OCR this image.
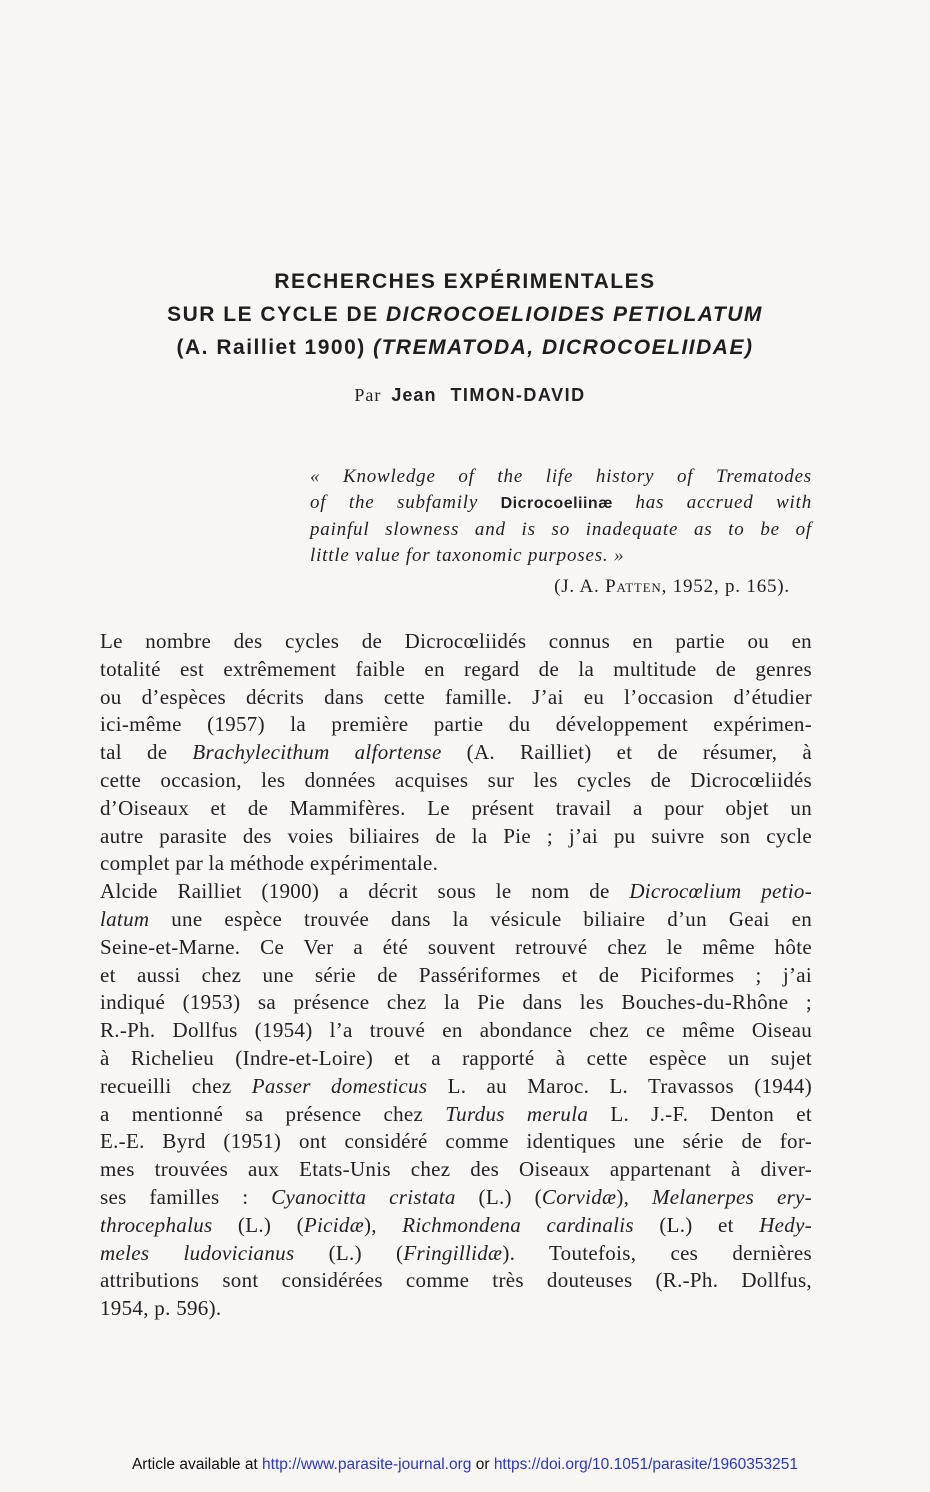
RECHERCHES EXPÉRIMENTALES
SUR LE CYCLE DE DICROCOELIOIDES PETIOLATUM
(A. Railliet 1900) (TREMATODA, DICROCOELIIDAE)
Par Jean TIMON-DAVID
« Knowledge of the life history of Trematodes
of the subfamily Dicrocoeliinæ has accrued with
painful slowness and is so inadequate as to be of
little value for taxonomic purposes. »
(J. A. Patten, 1952, p. 165).

Le nombre des cycles de Dicrocœliidés connus en partie ou en
totalité est extrêmement faible en regard de la multitude de genres
ou d’espèces décrits dans cette famille. J’ai eu l’occasion d’étudier
ici-même (1957) la première partie du développement expérimen-
tal de Brachylecithum alfortense (A. Railliet) et de résumer, à
cette occasion, les données acquises sur les cycles de Dicrocœliidés
d’Oiseaux et de Mammifères. Le présent travail a pour objet un
autre parasite des voies biliaires de la Pie ; j’ai pu suivre son cycle
complet par la méthode expérimentale.

Alcide Railliet (1900) a décrit sous le nom de Dicrocœlium petio-
latum une espèce trouvée dans la vésicule biliaire d’un Geai en
Seine-et-Marne. Ce Ver a été souvent retrouvé chez le même hôte
et aussi chez une série de Passériformes et de Piciformes ; j’ai
indiqué (1953) sa présence chez la Pie dans les Bouches-du-Rhône ;
R.-Ph. Dollfus (1954) l’a trouvé en abondance chez ce même Oiseau
à Richelieu (Indre-et-Loire) et a rapporté à cette espèce un sujet
recueilli chez Passer domesticus L. au Maroc. L. Travassos (1944)
a mentionné sa présence chez Turdus merula L. J.-F. Denton et
E.-E. Byrd (1951) ont considéré comme identiques une série de for-
mes trouvées aux Etats-Unis chez des Oiseaux appartenant à diver-
ses familles : Cyanocitta cristata (L.) (Corvidæ), Melanerpes ery-
throcephalus (L.) (Picidæ), Richmondena cardinalis (L.) et Hedy-
meles ludovicianus (L.) (Fringillidæ). Toutefois, ces dernières
attributions sont considérées comme très douteuses (R.-Ph. Dollfus,
1954, p. 596).

Article available at http://www.parasite-journal.org or https://doi.org/10.1051/parasite/1960353251
